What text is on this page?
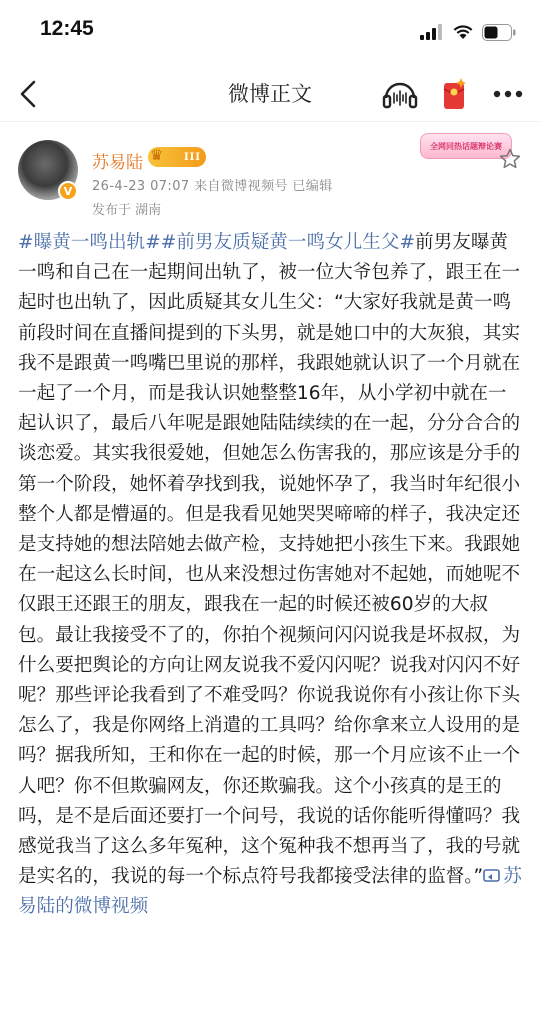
12:45
微博正文
V
苏易陆 ♛ III
26-4-23 07:07 来自微博视频号 已编辑
发布于 湖南
全网同热话题辩论赛
#曝黄一鸣出轨##前男友质疑黄一鸣女儿生父#前男友曝黄一鸣和自己在一起期间出轨了，被一位大爷包养了，跟王在一起时也出轨了，因此质疑其女儿生父：“大家好我就是黄一鸣前段时间在直播间提到的下头男，就是她口中的大灰狼，其实我不是跟黄一鸣嘴巴里说的那样，我跟她就认识了一个月就在一起了一个月，而是我认识她整整16年，从小学初中就在一起认识了，最后八年呢是跟她陆陆续续的在一起，分分合合的谈恋爱。其实我很爱她，但她怎么伤害我的，那应该是分手的第一个阶段，她怀着孕找到我，说她怀孕了，我当时年纪很小整个人都是懵逼的。但是我看见她哭哭啼啼的样子，我决定还是支持她的想法陪她去做产检，支持她把小孩生下来。我跟她在一起这么长时间，也从来没想过伤害她对不起她，而她呢不仅跟王还跟王的朋友，跟我在一起的时候还被60岁的大叔包。最让我接受不了的，你拍个视频问闪闪说我是坏叔叔，为什么要把舆论的方向让网友说我不爱闪闪呢？说我对闪闪不好呢？那些评论我看到了不难受吗？你说我说你有小孩让你下头怎么了，我是你网络上消遣的工具吗？给你拿来立人设用的是吗？据我所知，王和你在一起的时候，那一个月应该不止一个人吧？你不但欺骗网友，你还欺骗我。这个小孩真的是王的吗，是不是后面还要打一个问号，我说的话你能听得懂吗？我感觉我当了这么多年冤种，这个冤种我不想再当了，我的号就是实名的，我说的每一个标点符号我都接受法律的监督。” 苏易陆的微博视频
